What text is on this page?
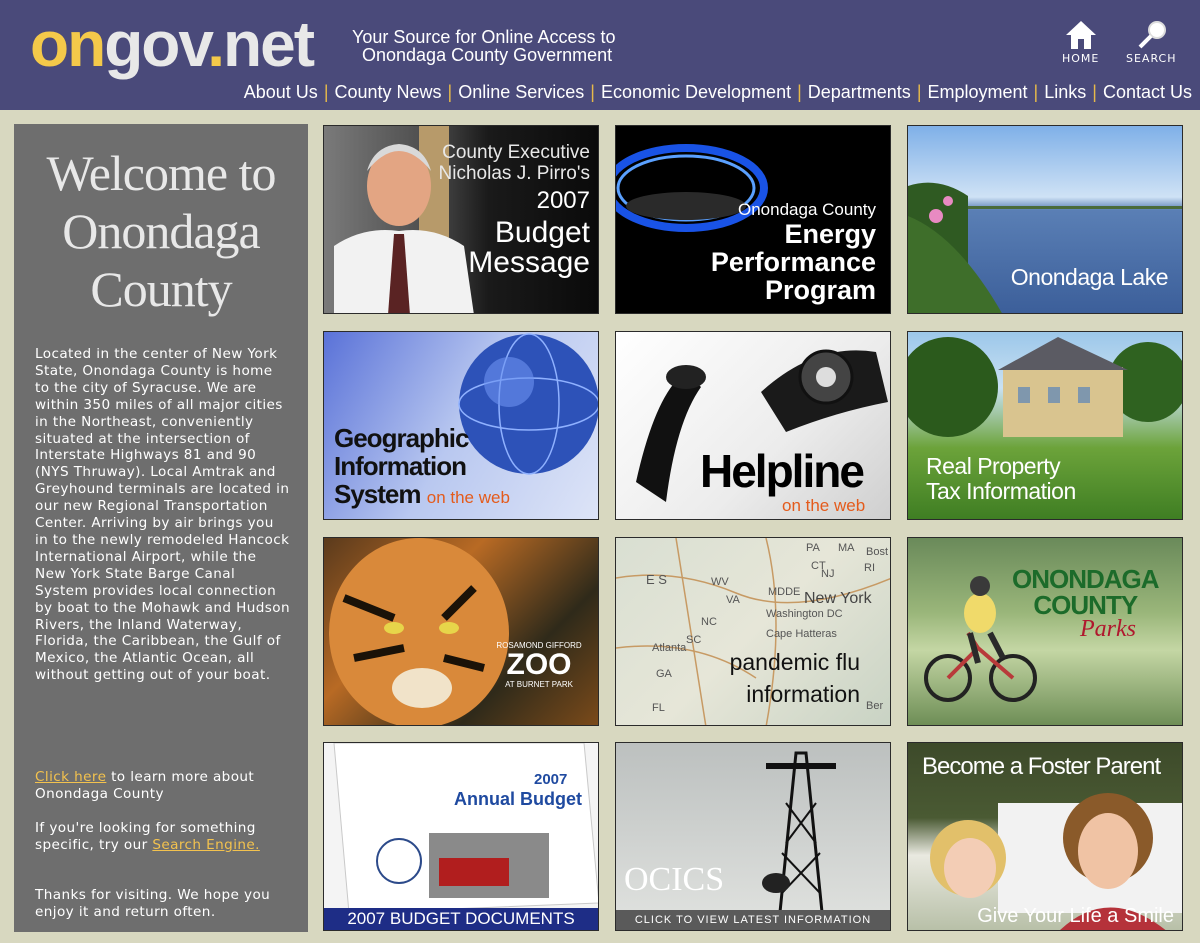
ongov.net Your Source for Online Access to
Onondaga County Government	HOME SEARCH
About Us | County News | Online Services | Economic Development | Departments | Employment | Links | Contact Us
Welcome to
Onondaga
County
Located in the center of New York State, Onondaga County is home to the city of Syracuse. We are within 350 miles of all major cities in the Northeast, conveniently situated at the intersection of Interstate Highways 81 and 90 (NYS Thruway). Local Amtrak and Greyhound terminals are located in our new Regional Transportation Center. Arriving by air brings you in to the newly remodeled Hancock International Airport, while the New York State Barge Canal System provides local connection by boat to the Mohawk and Hudson Rivers, the Inland Waterway, Florida, the Caribbean, the Gulf of Mexico, the Atlantic Ocean, all without getting out of your boat.
Click here to learn more about Onondaga County
If you're looking for something specific, try our Search Engine.
Thanks for visiting. We hope you enjoy it and return often.
County Executive
Nicholas J. Pirro's
2007
Budget
Message
Onondaga County
Energy
Performance
Program	Onondaga Lake
Geographic
Information
System on the web
Helpline
on the web
Real Property
Tax Information
ROSAMOND GIFFORD
ZOO
AT BURNET PARK
PA
CT
MA Bost
NJ	RI
MDDE New York
VA
Washington DC
NC
Cape Hatteras
SC
Atlanta
GA
FL
E S	WV
Ber
pandemic flu
information
ONONDAGA
COUNTY
Parks
2007
Annual Budget
2007 BUDGET DOCUMENTS
OCICS
CLICK TO VIEW LATEST INFORMATION
Become a Foster Parent
Give Your Life a Smile
